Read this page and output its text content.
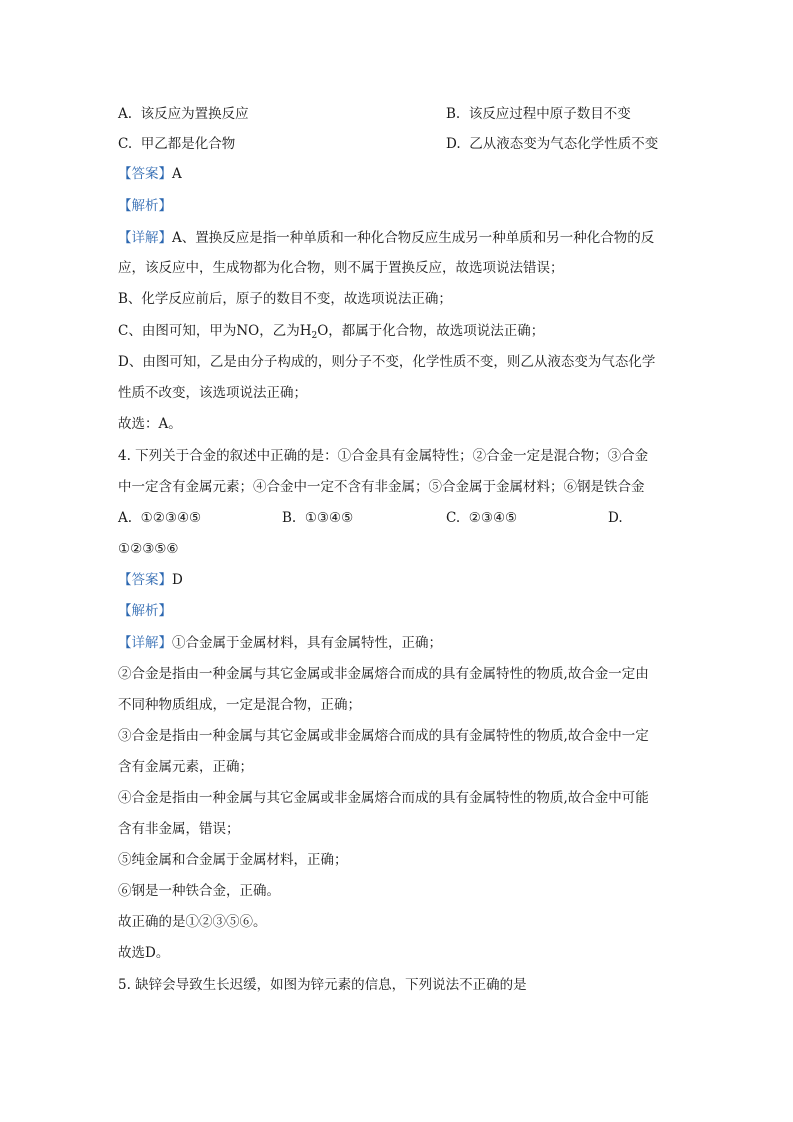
A. 该反应为置换反应	B. 该反应过程中原子数目不变
C. 甲乙都是化合物	D. 乙从液态变为气态化学性质不变
【答案】A
【解析】
【详解】A、置换反应是指一种单质和一种化合物反应生成另一种单质和另一种化合物的反
应，该反应中，生成物都为化合物，则不属于置换反应，故选项说法错误；
B、化学反应前后，原子的数目不变，故选项说法正确；
C、由图可知，甲为NO，乙为$H_2O$，都属于化合物，故选项说法正确；
D、由图可知，乙是由分子构成的，则分子不变，化学性质不变，则乙从液态变为气态化学
性质不改变，该选项说法正确；
故选：A。
4. 下列关于合金的叙述中正确的是：①合金具有金属特性；②合金一定是混合物；③合金
中一定含有金属元素；④合金中一定不含有非金属；⑤合金属于金属材料；⑥钢是铁合金
A. ①②③④⑤	B. ①③④⑤	C. ②③④⑤	D.
①②③⑤⑥
【答案】D
【解析】
【详解】①合金属于金属材料，具有金属特性，正确；
②合金是指由一种金属与其它金属或非金属熔合而成的具有金属特性的物质,故合金一定由
不同种物质组成，一定是混合物，正确；
③合金是指由一种金属与其它金属或非金属熔合而成的具有金属特性的物质,故合金中一定
含有金属元素，正确；
④合金是指由一种金属与其它金属或非金属熔合而成的具有金属特性的物质,故合金中可能
含有非金属，错误；
⑤纯金属和合金属于金属材料，正确；
⑥钢是一种铁合金，正确。
故正确的是①②③⑤⑥。
故选D。
5. 缺锌会导致生长迟缓，如图为锌元素的信息，下列说法不正确的是
